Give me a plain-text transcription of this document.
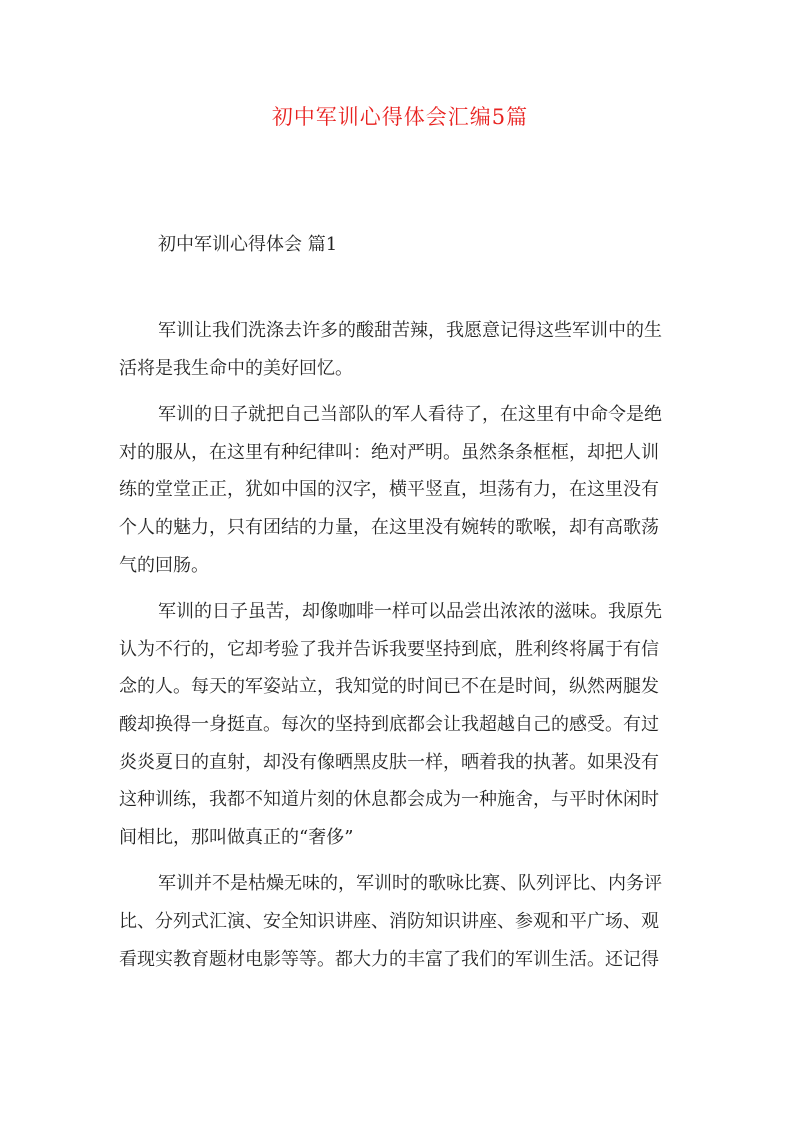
初中军训心得体会汇编5篇
初中军训心得体会 篇1

军训让我们洗涤去许多的酸甜苦辣，我愿意记得这些军训中的生
活将是我生命中的美好回忆。

军训的日子就把自己当部队的军人看待了，在这里有中命令是绝
对的服从，在这里有种纪律叫：绝对严明。虽然条条框框，却把人训
练的堂堂正正，犹如中国的汉字，横平竖直，坦荡有力，在这里没有
个人的魅力，只有团结的力量，在这里没有婉转的歌喉，却有高歌荡
气的回肠。

军训的日子虽苦，却像咖啡一样可以品尝出浓浓的滋味。我原先
认为不行的，它却考验了我并告诉我要坚持到底，胜利终将属于有信
念的人。每天的军姿站立，我知觉的时间已不在是时间，纵然两腿发
酸却换得一身挺直。每次的坚持到底都会让我超越自己的感受。有过
炎炎夏日的直射，却没有像晒黑皮肤一样，晒着我的执著。如果没有
这种训练，我都不知道片刻的休息都会成为一种施舍，与平时休闲时
间相比，那叫做真正的“奢侈”

军训并不是枯燥无味的，军训时的歌咏比赛、队列评比、内务评
比、分列式汇演、安全知识讲座、消防知识讲座、参观和平广场、观
看现实教育题材电影等等。都大力的丰富了我们的军训生活。还记得
